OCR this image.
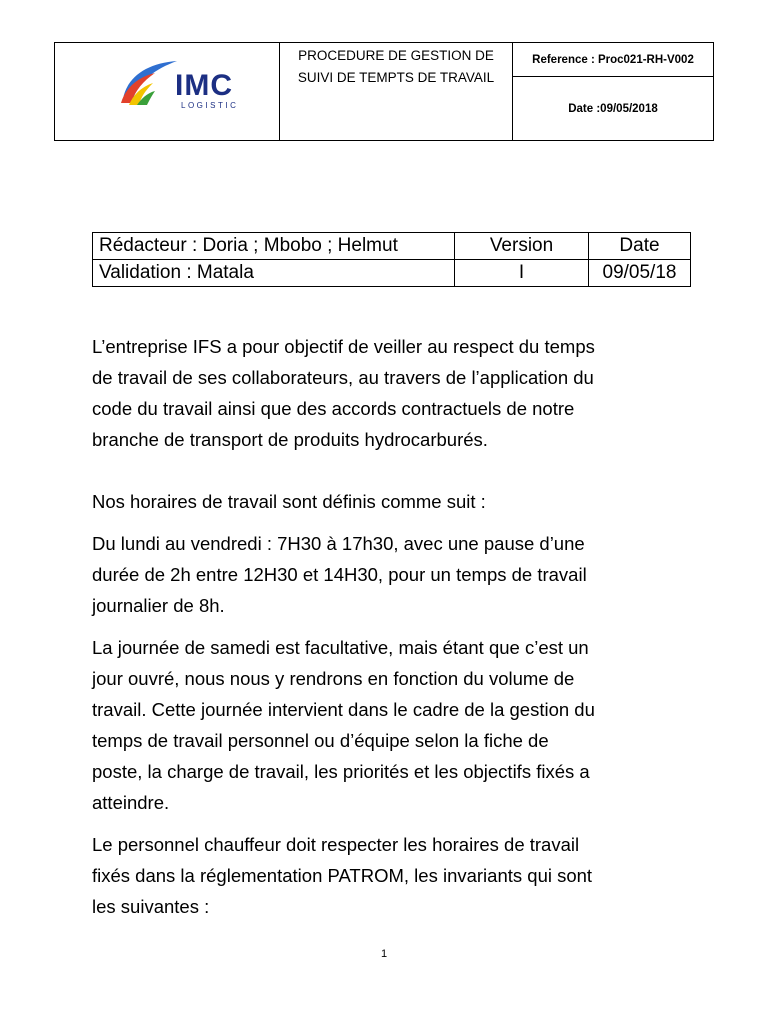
IMC
LOGISTIC

PROCEDURE DE GESTION DE
SUIVI DE TEMPTS DE TRAVAIL
	Reference : Proc021-RH-V002
Date :09/05/2018
Rédacteur : Doria ; Mbobo ; Helmut	Version	Date
Validation : Matala	I	09/05/18

L’entreprise IFS a pour objectif de veiller au respect du temps

de travail de ses collaborateurs, au travers de l’application du

code du travail ainsi que des accords contractuels de notre

branche de transport de produits hydrocarburés.

Nos horaires de travail sont définis comme suit :

Du lundi au vendredi : 7H30 à 17h30, avec une pause d’une

durée de 2h entre 12H30 et 14H30, pour un temps de travail

journalier de 8h.

La journée de samedi est facultative, mais étant que c’est un

jour ouvré, nous nous y rendrons en fonction du volume de

travail. Cette journée intervient dans le cadre de la gestion du

temps de travail personnel ou d’équipe selon la fiche de

poste, la charge de travail, les priorités et les objectifs fixés a

atteindre.

Le personnel chauffeur doit respecter les horaires de travail

fixés dans la réglementation PATROM, les invariants qui sont

les suivantes :

1
